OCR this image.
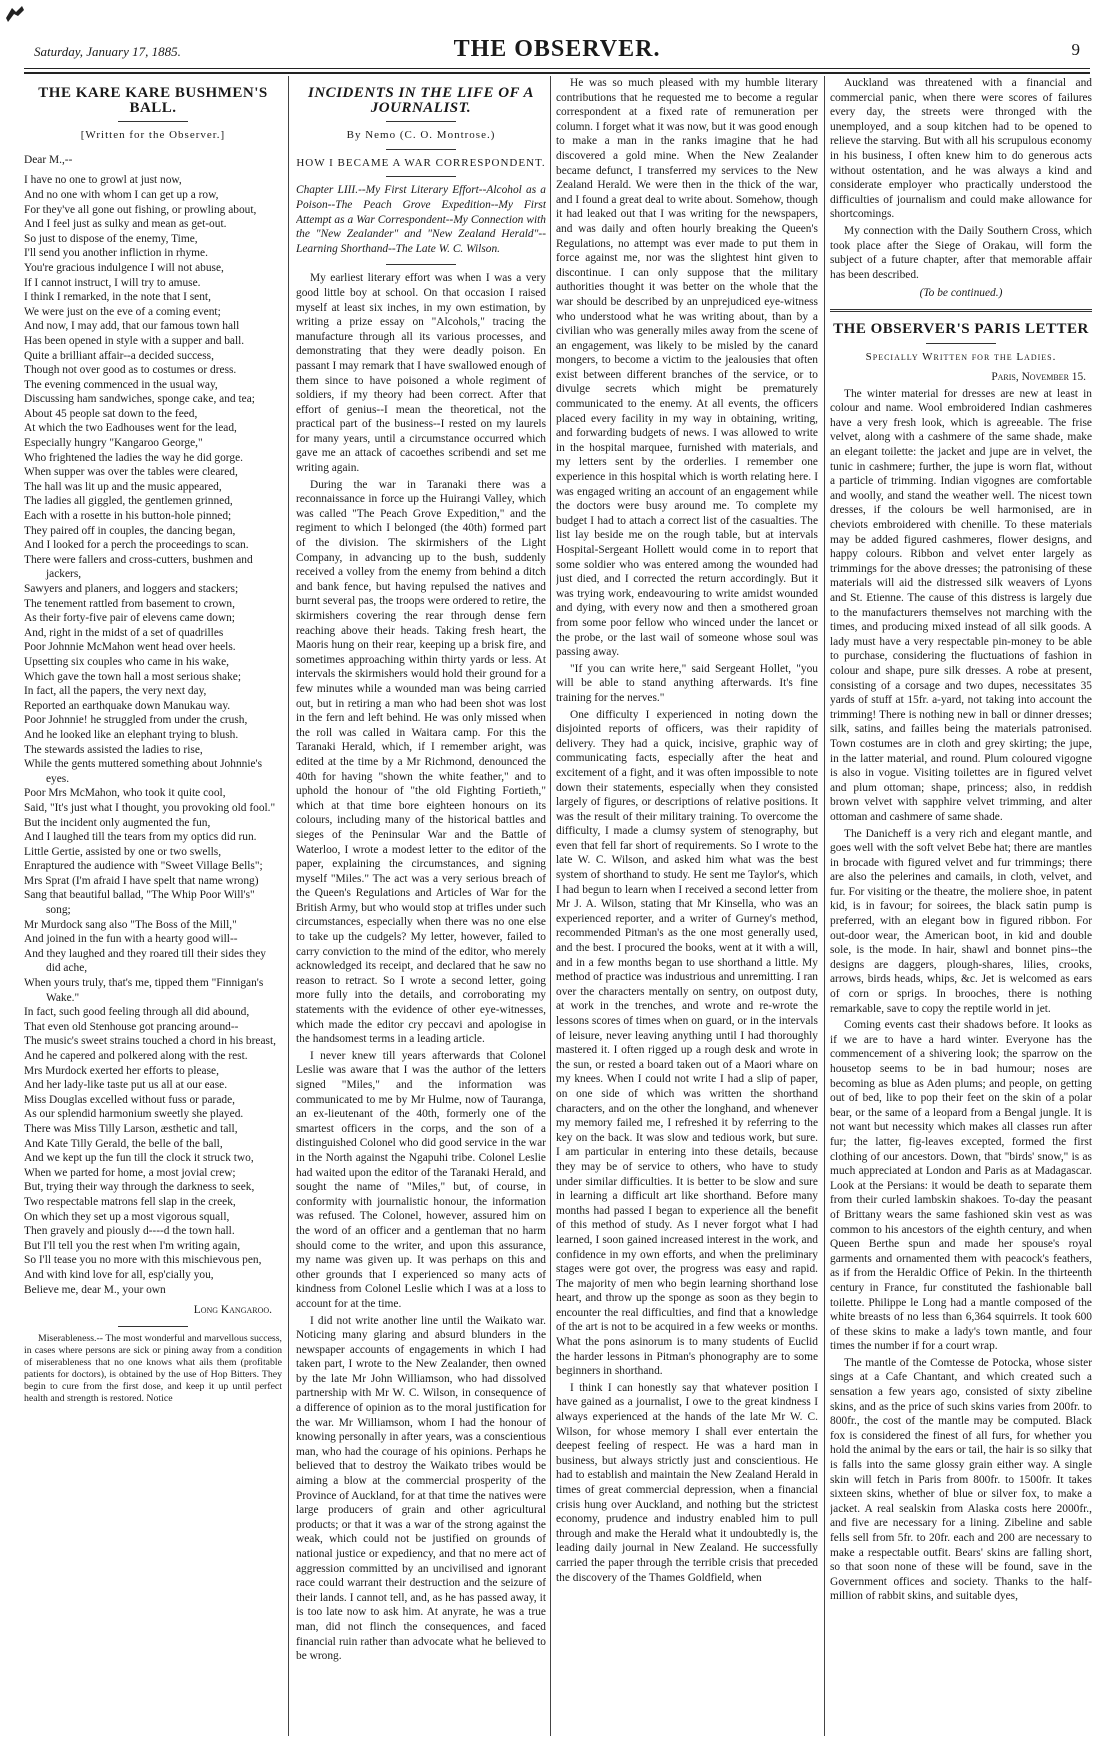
Saturday, January 17, 1885.	THE OBSERVER.	9
THE KARE KARE BUSHMEN'S BALL.
[Written for the Observer.]
Dear M.,--
I have no one to growl at just now,
And no one with whom I can get up a row,
For they've all gone out fishing, or prowling about,
And I feel just as sulky and mean as get-out.
So just to dispose of the enemy, Time,
I'll send you another infliction in rhyme.
You're gracious indulgence I will not abuse,
If I cannot instruct, I will try to amuse.
I think I remarked, in the note that I sent,
We were just on the eve of a coming event;
And now, I may add, that our famous town hall
Has been opened in style with a supper and ball.
Quite a brilliant affair--a decided success,
Though not over good as to costumes or dress.
The evening commenced in the usual way,
Discussing ham sandwiches, sponge cake, and tea;
About 45 people sat down to the feed,
At which the two Eadhouses went for the lead,
Especially hungry "Kangaroo George,"
Who frightened the ladies the way he did gorge.
When supper was over the tables were cleared,
The hall was lit up and the music appeared,
The ladies all giggled, the gentlemen grinned,
Each with a rosette in his button-hole pinned;
They paired off in couples, the dancing began,
And I looked for a perch the proceedings to scan.
There were fallers and cross-cutters, bushmen and jackers,
Sawyers and planers, and loggers and stackers;
The tenement rattled from basement to crown,
As their forty-five pair of elevens came down;
And, right in the midst of a set of quadrilles
Poor Johnnie McMahon went head over heels.
Upsetting six couples who came in his wake,
Which gave the town hall a most serious shake;
In fact, all the papers, the very next day,
Reported an earthquake down Manukau way.
Poor Johnnie! he struggled from under the crush,
And he looked like an elephant trying to blush.
The stewards assisted the ladies to rise,
While the gents muttered something about Johnnie's eyes.
Poor Mrs McMahon, who took it quite cool,
Said, "It's just what I thought, you provoking old fool."
But the incident only augmented the fun,
And I laughed till the tears from my optics did run.
Little Gertie, assisted by one or two swells,
Enraptured the audience with "Sweet Village Bells";
Mrs Sprat (I'm afraid I have spelt that name wrong)
Sang that beautiful ballad, "The Whip Poor Will's" song;
Mr Murdock sang also "The Boss of the Mill,"
And joined in the fun with a hearty good will--
And they laughed and they roared till their sides they did ache,
When yours truly, that's me, tipped them "Finnigan's Wake."
In fact, such good feeling through all did abound,
That even old Stenhouse got prancing around--
The music's sweet strains touched a chord in his breast,
And he capered and polkered along with the rest.
Mrs Murdock exerted her efforts to please,
And her lady-like taste put us all at our ease.
Miss Douglas excelled without fuss or parade,
As our splendid harmonium sweetly she played.
There was Miss Tilly Larson, æsthetic and tall,
And Kate Tilly Gerald, the belle of the ball,
And we kept up the fun till the clock it struck two,
When we parted for home, a most jovial crew;
But, trying their way through the darkness to seek,
Two respectable matrons fell slap in the creek,
On which they set up a most vigorous squall,
Then gravely and piously d----d the town hall.
But I'll tell you the rest when I'm writing again,
So I'll tease you no more with this mischievous pen,
And with kind love for all, esp'cially you,
Believe me, dear M., your own
Long Kangaroo.

Miserableness.-- The most wonderful and marvellous success, in cases where persons are sick or pining away from a condition of miserableness that no one knows what ails them (profitable patients for doctors), is obtained by the use of Hop Bitters. They begin to cure from the first dose, and keep it up until perfect health and strength is restored. Notice

INCIDENTS IN THE LIFE OF A JOURNALIST.
By Nemo (C. O. Montrose.)
HOW I BECAME A WAR CORRESPONDENT.
Chapter LIII.--My First Literary Effort--Alcohol as a Poison--The Peach Grove Expedition--My First Attempt as a War Correspondent--My Connection with the "New Zealander" and "New Zealand Herald"--Learning Shorthand--The Late W. C. Wilson.

My earliest literary effort was when I was a very good little boy at school. On that occasion I raised myself at least six inches, in my own estimation, by writing a prize essay on "Alcohols," tracing the manufacture through all its various processes, and demonstrating that they were deadly poison. En passant I may remark that I have swallowed enough of them since to have poisoned a whole regiment of soldiers, if my theory had been correct. After that effort of genius--I mean the theoretical, not the practical part of the business--I rested on my laurels for many years, until a circumstance occurred which gave me an attack of cacoethes scribendi and set me writing again.

During the war in Taranaki there was a reconnaissance in force up the Huirangi Valley, which was called "The Peach Grove Expedition," and the regiment to which I belonged (the 40th) formed part of the division. The skirmishers of the Light Company, in advancing up to the bush, suddenly received a volley from the enemy from behind a ditch and bank fence, but having repulsed the natives and burnt several pas, the troops were ordered to retire, the skirmishers covering the rear through dense fern reaching above their heads. Taking fresh heart, the Maoris hung on their rear, keeping up a brisk fire, and sometimes approaching within thirty yards or less. At intervals the skirmishers would hold their ground for a few minutes while a wounded man was being carried out, but in retiring a man who had been shot was lost in the fern and left behind. He was only missed when the roll was called in Waitara camp. For this the Taranaki Herald, which, if I remember aright, was edited at the time by a Mr Richmond, denounced the 40th for having "shown the white feather," and to uphold the honour of "the old Fighting Fortieth," which at that time bore eighteen honours on its colours, including many of the historical battles and sieges of the Peninsular War and the Battle of Waterloo, I wrote a modest letter to the editor of the paper, explaining the circumstances, and signing myself "Miles." The act was a very serious breach of the Queen's Regulations and Articles of War for the British Army, but who would stop at trifles under such circumstances, especially when there was no one else to take up the cudgels? My letter, however, failed to carry conviction to the mind of the editor, who merely acknowledged its receipt, and declared that he saw no reason to retract. So I wrote a second letter, going more fully into the details, and corroborating my statements with the evidence of other eye-witnesses, which made the editor cry peccavi and apologise in the handsomest terms in a leading article.

I never knew till years afterwards that Colonel Leslie was aware that I was the author of the letters signed "Miles," and the information was communicated to me by Mr Hulme, now of Tauranga, an ex-lieutenant of the 40th, formerly one of the smartest officers in the corps, and the son of a distinguished Colonel who did good service in the war in the North against the Ngapuhi tribe. Colonel Leslie had waited upon the editor of the Taranaki Herald, and sought the name of "Miles," but, of course, in conformity with journalistic honour, the information was refused. The Colonel, however, assured him on the word of an officer and a gentleman that no harm should come to the writer, and upon this assurance, my name was given up. It was perhaps on this and other grounds that I experienced so many acts of kindness from Colonel Leslie which I was at a loss to account for at the time.

I did not write another line until the Waikato war. Noticing many glaring and absurd blunders in the newspaper accounts of engagements in which I had taken part, I wrote to the New Zealander, then owned by the late Mr John Williamson, who had dissolved partnership with Mr W. C. Wilson, in consequence of a difference of opinion as to the moral justification for the war. Mr Williamson, whom I had the honour of knowing personally in after years, was a conscientious man, who had the courage of his opinions. Perhaps he believed that to destroy the Waikato tribes would be aiming a blow at the commercial prosperity of the Province of Auckland, for at that time the natives were large producers of grain and other agricultural products; or that it was a war of the strong against the weak, which could not be justified on grounds of national justice or expediency, and that no mere act of aggression committed by an uncivilised and ignorant race could warrant their destruction and the seizure of their lands. I cannot tell, and, as he has passed away, it is too late now to ask him. At anyrate, he was a true man, did not flinch the consequences, and faced financial ruin rather than advocate what he believed to be wrong.

He was so much pleased with my humble literary contributions that he requested me to become a regular correspondent at a fixed rate of remuneration per column. I forget what it was now, but it was good enough to make a man in the ranks imagine that he had discovered a gold mine. When the New Zealander became defunct, I transferred my services to the New Zealand Herald. We were then in the thick of the war, and I found a great deal to write about. Somehow, though it had leaked out that I was writing for the newspapers, and was daily and often hourly breaking the Queen's Regulations, no attempt was ever made to put them in force against me, nor was the slightest hint given to discontinue. I can only suppose that the military authorities thought it was better on the whole that the war should be described by an unprejudiced eye-witness who understood what he was writing about, than by a civilian who was generally miles away from the scene of an engagement, was likely to be misled by the canard mongers, to become a victim to the jealousies that often exist between different branches of the service, or to divulge secrets which might be prematurely communicated to the enemy. At all events, the officers placed every facility in my way in obtaining, writing, and forwarding budgets of news. I was allowed to write in the hospital marquee, furnished with materials, and my letters sent by the orderlies. I remember one experience in this hospital which is worth relating here. I was engaged writing an account of an engagement while the doctors were busy around me. To complete my budget I had to attach a correct list of the casualties. The list lay beside me on the rough table, but at intervals Hospital-Sergeant Hollett would come in to report that some soldier who was entered among the wounded had just died, and I corrected the return accordingly. But it was trying work, endeavouring to write amidst wounded and dying, with every now and then a smothered groan from some poor fellow who winced under the lancet or the probe, or the last wail of someone whose soul was passing away.

"If you can write here," said Sergeant Hollet, "you will be able to stand anything afterwards. It's fine training for the nerves."

One difficulty I experienced in noting down the disjointed reports of officers, was their rapidity of delivery. They had a quick, incisive, graphic way of communicating facts, especially after the heat and excitement of a fight, and it was often impossible to note down their statements, especially when they consisted largely of figures, or descriptions of relative positions. It was the result of their military training. To overcome the difficulty, I made a clumsy system of stenography, but even that fell far short of requirements. So I wrote to the late W. C. Wilson, and asked him what was the best system of shorthand to study. He sent me Taylor's, which I had begun to learn when I received a second letter from Mr J. A. Wilson, stating that Mr Kinsella, who was an experienced reporter, and a writer of Gurney's method, recommended Pitman's as the one most generally used, and the best. I procured the books, went at it with a will, and in a few months began to use shorthand a little. My method of practice was industrious and unremitting. I ran over the characters mentally on sentry, on outpost duty, at work in the trenches, and wrote and re-wrote the lessons scores of times when on guard, or in the intervals of leisure, never leaving anything until I had thoroughly mastered it. I often rigged up a rough desk and wrote in the sun, or rested a board taken out of a Maori whare on my knees. When I could not write I had a slip of paper, on one side of which was written the shorthand characters, and on the other the longhand, and whenever my memory failed me, I refreshed it by referring to the key on the back. It was slow and tedious work, but sure. I am particular in entering into these details, because they may be of service to others, who have to study under similar difficulties. It is better to be slow and sure in learning a difficult art like shorthand. Before many months had passed I began to experience all the benefit of this method of study. As I never forgot what I had learned, I soon gained increased interest in the work, and confidence in my own efforts, and when the preliminary stages were got over, the progress was easy and rapid. The majority of men who begin learning shorthand lose heart, and throw up the sponge as soon as they begin to encounter the real difficulties, and find that a knowledge of the art is not to be acquired in a few weeks or months. What the pons asinorum is to many students of Euclid the harder lessons in Pitman's phonography are to some beginners in shorthand.

I think I can honestly say that whatever position I have gained as a journalist, I owe to the great kindness I always experienced at the hands of the late Mr W. C. Wilson, for whose memory I shall ever entertain the deepest feeling of respect. He was a hard man in business, but always strictly just and conscientious. He had to establish and maintain the New Zealand Herald in times of great commercial depression, when a financial crisis hung over Auckland, and nothing but the strictest economy, prudence and industry enabled him to pull through and make the Herald what it undoubtedly is, the leading daily journal in New Zealand. He successfully carried the paper through the terrible crisis that preceded the discovery of the Thames Goldfield, when

Auckland was threatened with a financial and commercial panic, when there were scores of failures every day, the streets were thronged with the unemployed, and a soup kitchen had to be opened to relieve the starving. But with all his scrupulous economy in his business, I often knew him to do generous acts without ostentation, and he was always a kind and considerate employer who practically understood the difficulties of journalism and could make allowance for shortcomings.

My connection with the Daily Southern Cross, which took place after the Siege of Orakau, will form the subject of a future chapter, after that memorable affair has been described.

(To be continued.)
THE OBSERVER'S PARIS LETTER
Specially Written for the Ladies.
Paris, November 15.

The winter material for dresses are new at least in colour and name. Wool embroidered Indian cashmeres have a very fresh look, which is agreeable. The frise velvet, along with a cashmere of the same shade, make an elegant toilette: the jacket and jupe are in velvet, the tunic in cashmere; further, the jupe is worn flat, without a particle of trimming. Indian vigognes are comfortable and woolly, and stand the weather well. The nicest town dresses, if the colours be well harmonised, are in cheviots embroidered with chenille. To these materials may be added figured cashmeres, flower designs, and happy colours. Ribbon and velvet enter largely as trimmings for the above dresses; the patronising of these materials will aid the distressed silk weavers of Lyons and St. Etienne. The cause of this distress is largely due to the manufacturers themselves not marching with the times, and producing mixed instead of all silk goods. A lady must have a very respectable pin-money to be able to purchase, considering the fluctuations of fashion in colour and shape, pure silk dresses. A robe at present, consisting of a corsage and two dupes, necessitates 35 yards of stuff at 15fr. a-yard, not taking into account the trimming! There is nothing new in ball or dinner dresses; silk, satins, and failles being the materials patronised. Town costumes are in cloth and grey skirting; the jupe, in the latter material, and round. Plum coloured vigogne is also in vogue. Visiting toilettes are in figured velvet and plum ottoman; shape, princess; also, in reddish brown velvet with sapphire velvet trimming, and alter ottoman and cashmere of same shade.

The Danicheff is a very rich and elegant mantle, and goes well with the soft velvet Bebe hat; there are mantles in brocade with figured velvet and fur trimmings; there are also the pelerines and camails, in cloth, velvet, and fur. For visiting or the theatre, the moliere shoe, in patent kid, is in favour; for soirees, the black satin pump is preferred, with an elegant bow in figured ribbon. For out-door wear, the American boot, in kid and double sole, is the mode. In hair, shawl and bonnet pins--the designs are daggers, plough-shares, lilies, crooks, arrows, birds heads, whips, &c. Jet is welcomed as ears of corn or sprigs. In brooches, there is nothing remarkable, save to copy the reptile world in jet.

Coming events cast their shadows before. It looks as if we are to have a hard winter. Everyone has the commencement of a shivering look; the sparrow on the housetop seems to be in bad humour; noses are becoming as blue as Aden plums; and people, on getting out of bed, like to pop their feet on the skin of a polar bear, or the same of a leopard from a Bengal jungle. It is not want but necessity which makes all classes run after fur; the latter, fig-leaves excepted, formed the first clothing of our ancestors. Down, that "birds' snow," is as much appreciated at London and Paris as at Madagascar. Look at the Persians: it would be death to separate them from their curled lambskin shakoes. To-day the peasant of Brittany wears the same fashioned skin vest as was common to his ancestors of the eighth century, and when Queen Berthe spun and made her spouse's royal garments and ornamented them with peacock's feathers, as if from the Heraldic Office of Pekin. In the thirteenth century in France, fur constituted the fashionable ball toilette. Philippe le Long had a mantle composed of the white breasts of no less than 6,364 squirrels. It took 600 of these skins to make a lady's town mantle, and four times the number if for a court wrap.

The mantle of the Comtesse de Potocka, whose sister sings at a Cafe Chantant, and which created such a sensation a few years ago, consisted of sixty zibeline skins, and as the price of such skins varies from 200fr. to 800fr., the cost of the mantle may be computed. Black fox is considered the finest of all furs, for whether you hold the animal by the ears or tail, the hair is so silky that is falls into the same glossy grain either way. A single skin will fetch in Paris from 800fr. to 1500fr. It takes sixteen skins, whether of blue or silver fox, to make a jacket. A real sealskin from Alaska costs here 2000fr., and five are necessary for a lining. Zibeline and sable fells sell from 5fr. to 20fr. each and 200 are necessary to make a respectable outfit. Bears' skins are falling short, so that soon none of these will be found, save in the Government offices and society. Thanks to the half-million of rabbit skins, and suitable dyes,
